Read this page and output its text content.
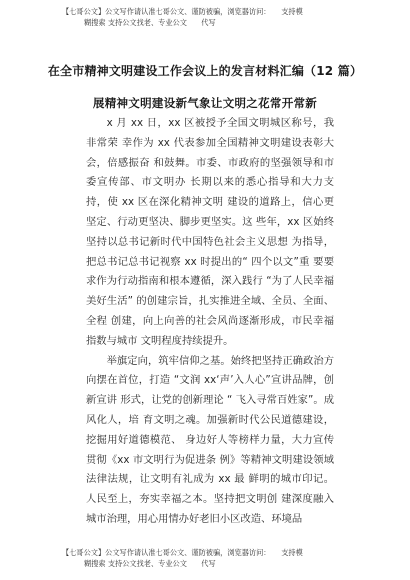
【七哥公文】公文写作请认准七哥公文、谨防被骗，浏览器访问：　　支持模
糊搜索 支持公文找老、专业公文　　代写
在全市精神文明建设工作会议上的发言材料汇编（12 篇）
展精神文明建设新气象让文明之花常开常新

x 月 xx 日，xx 区被授予全国文明城区称号，我非常荣 幸作为 xx 代表参加全国精神文明建设表彰大会，倍感振奋 和鼓舞。市委、市政府的坚强领导和市委宣传部、市文明办 长期以来的悉心指导和大力支持，使 xx 区在深化精神文明 建设的道路上，信心更坚定、行动更坚决、脚步更坚实。这 些年，xx 区始终坚持以总书记新时代中国特色社会主义思想 为指导，把总书记总书记视察 xx 时提出的“ 四个以文”重 要要求作为行动指南和根本遵循，深入践行 “为了人民幸福 美好生活” 的创建宗旨，扎实推进全域、全员、全面、全程 创建，向上向善的社会风尚逐渐形成，市民幸福指数与城市 文明程度持续提升。

举旗定向，筑牢信仰之基。始终把坚持正确政治方向摆在首位，打造 “文润 xx‘声’入人心”宣讲品牌，创新宣讲 形式，让党的创新理论 “ 飞入寻常百姓家”。成风化人，培 育文明之魂。加强新时代公民道德建设，挖掘用好道德模范、 身边好人等榜样力量，大力宣传贯彻《xx 市文明行为促进条 例》等精神文明建设领域法律法规，让文明有礼成为 xx 最 鲜明的城市印记。人民至上，夯实幸福之本。坚持把文明创 建深度融入城市治理，用心用情办好老旧小区改造、环境品

【七哥公文】公文写作请认准七哥公文、谨防被骗，浏览器访问：　　支持模
糊搜索 支持公文找老、专业公文　　代写
